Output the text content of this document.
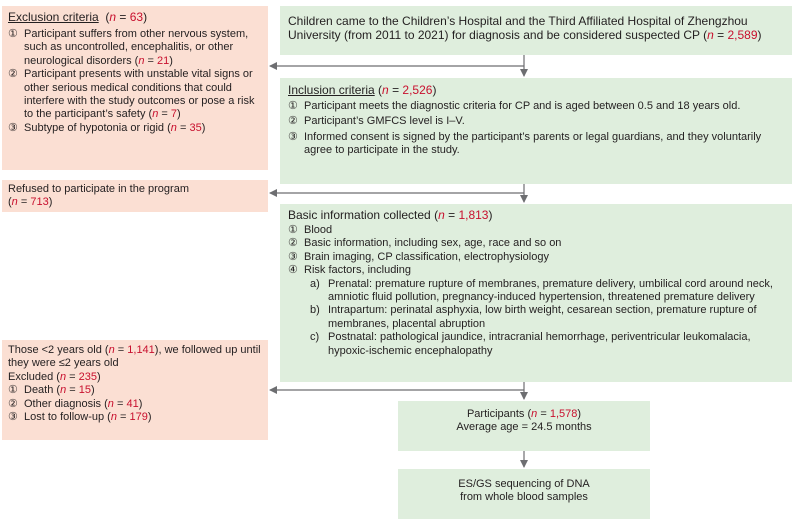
Children came to the Children’s Hospital and the Third Affiliated Hospital of Zhengzhou University (from 2011 to 2021) for diagnosis and be considered suspected CP (n = 2,589)
Exclusion criteria  (n = 63)
① Participant suffers from other nervous system, such as uncontrolled, encephalitis, or other neurological disorders (n = 21)
② Participant presents with unstable vital signs or other serious medical conditions that could interfere with the study outcomes or pose a risk to the participant’s safety (n = 7)
③ Subtype of hypotonia or rigid (n = 35)
Inclusion criteria (n = 2,526)
① Participant meets the diagnostic criteria for CP and is aged between 0.5 and 18 years old.
② Participant’s GMFCS level is I–V.
③ Informed consent is signed by the participant’s parents or legal guardians, and they voluntarily agree to participate in the study.
Refused to participate in the program
(n = 713)
Basic information collected (n = 1,813)
① Blood
② Basic information, including sex, age, race and so on
③ Brain imaging, CP classification, electrophysiology
④ Risk factors, including
a) Prenatal: premature rupture of membranes, premature delivery, umbilical cord around neck, amniotic fluid pollution, pregnancy-induced hypertension, threatened premature delivery
b) Intrapartum: perinatal asphyxia, low birth weight, cesarean section, premature rupture of membranes, placental abruption
c) Postnatal: pathological jaundice, intracranial hemorrhage, periventricular leukomalacia, hypoxic-ischemic encephalopathy
Those <2 years old (n = 1,141), we followed up until they were ≤2 years old
Excluded (n = 235)
① Death (n = 15)
② Other diagnosis (n = 41)
③ Lost to follow-up (n = 179)	Participants (n = 1,578)
Average age = 24.5 months
ES/GS sequencing of DNA
from whole blood samples
